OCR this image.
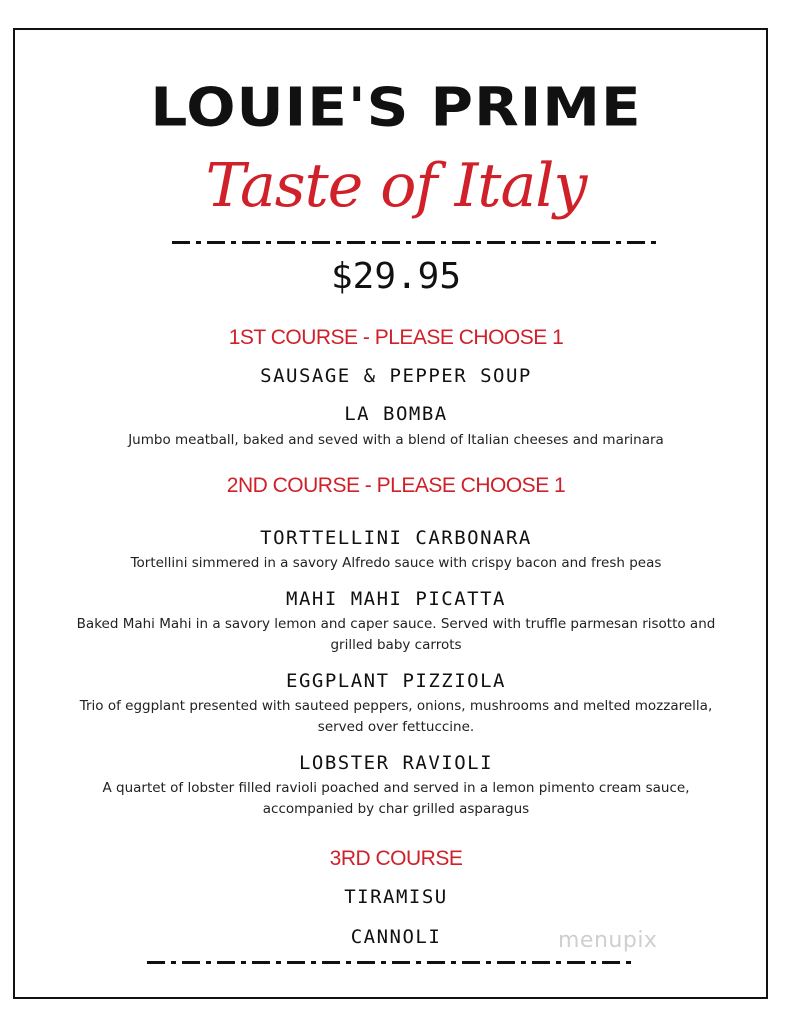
LOUIE'S PRIME
Taste of Italy
$29.95
1ST COURSE - PLEASE CHOOSE 1
SAUSAGE & PEPPER SOUP
LA BOMBA
Jumbo meatball, baked and seved with a blend of Italian cheeses and marinara
2ND COURSE - PLEASE CHOOSE 1
TORTTELLINI CARBONARA
Tortellini simmered in a savory Alfredo sauce with crispy bacon and fresh peas
MAHI MAHI PICATTA
Baked Mahi Mahi in a savory lemon and caper sauce. Served with truffle parmesan risotto and
grilled baby carrots
EGGPLANT PIZZIOLA
Trio of eggplant presented with sauteed peppers, onions, mushrooms and melted mozzarella,
served over fettuccine.
LOBSTER RAVIOLI
A quartet of lobster filled ravioli poached and served in a lemon pimento cream sauce,
accompanied by char grilled asparagus
3RD COURSE
TIRAMISU
CANNOLI	menupix
